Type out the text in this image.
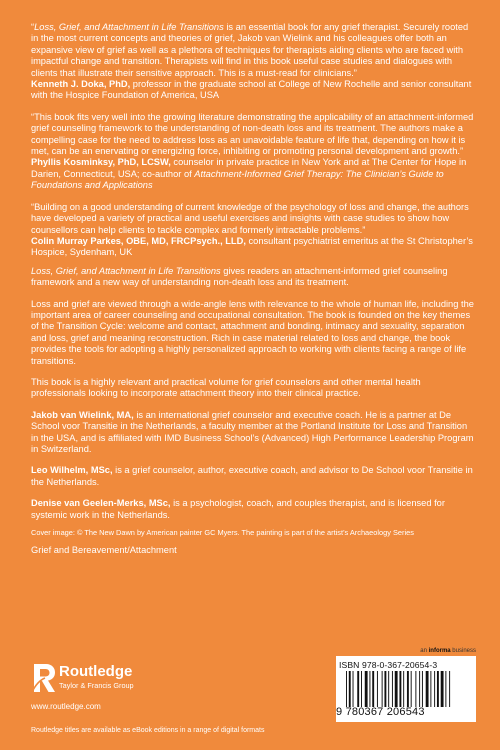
“Loss, Grief, and Attachment in Life Transitions is an essential book for any grief therapist. Securely rooted in the most current concepts and theories of grief, Jakob van Wielink and his colleagues offer both an expansive view of grief as well as a plethora of techniques for therapists aiding clients who are faced with impactful change and transition. Therapists will find in this book useful case studies and dialogues with clients that illustrate their sensitive approach. This is a must-read for clinicians.”
Kenneth J. Doka, PhD, professor in the graduate school at College of New Rochelle and senior consultant with the Hospice Foundation of America, USA

“This book fits very well into the growing literature demonstrating the applicability of an attachment-informed grief counseling framework to the understanding of non-death loss and its treatment. The authors make a compelling case for the need to address loss as an unavoidable feature of life that, depending on how it is met, can be an enervating or energizing force, inhibiting or promoting personal development and growth.”
Phyllis Kosminksy, PhD, LCSW, counselor in private practice in New York and at The Center for Hope in Darien, Connecticut, USA; co-author of Attachment-Informed Grief Therapy: The Clinician’s Guide to Foundations and Applications

“Building on a good understanding of current knowledge of the psychology of loss and change, the authors have developed a variety of practical and useful exercises and insights with case studies to show how counsellors can help clients to tackle complex and formerly intractable problems.”
Colin Murray Parkes, OBE, MD, FRCPsych., LLD, consultant psychiatrist emeritus at the St Christopher’s Hospice, Sydenham, UK

Loss, Grief, and Attachment in Life Transitions gives readers an attachment-informed grief counseling framework and a new way of understanding non-death loss and its treatment.

Loss and grief are viewed through a wide-angle lens with relevance to the whole of human life, including the important area of career counseling and occupational consultation. The book is founded on the key themes of the Transition Cycle: welcome and contact, attachment and bonding, intimacy and sexuality, separation and loss, grief and meaning reconstruction. Rich in case material related to loss and change, the book provides the tools for adopting a highly personalized approach to working with clients facing a range of life transitions.

This book is a highly relevant and practical volume for grief counselors and other mental health professionals looking to incorporate attachment theory into their clinical practice.

Jakob van Wielink, MA, is an international grief counselor and executive coach. He is a partner at De School voor Transitie in the Netherlands, a faculty member at the Portland Institute for Loss and Transition in the USA, and is affiliated with IMD Business School’s (Advanced) High Performance Leadership Program in Switzerland.

Leo Wilhelm, MSc, is a grief counselor, author, executive coach, and advisor to De School voor Transitie in the Netherlands.

Denise van Geelen-Merks, MSc, is a psychologist, coach, and couples therapist, and is licensed for systemic work in the Netherlands.

Cover image: © The New Dawn by American painter GC Myers. The painting is part of the artist’s Archaeology Series

Grief and Bereavement/Attachment

Routledge
Taylor & Francis Group
www.routledge.com
Routledge titles are available as eBook editions in a range of digital formats
an informa business
ISBN 978-0-367-20654-3
9 780367 206543
